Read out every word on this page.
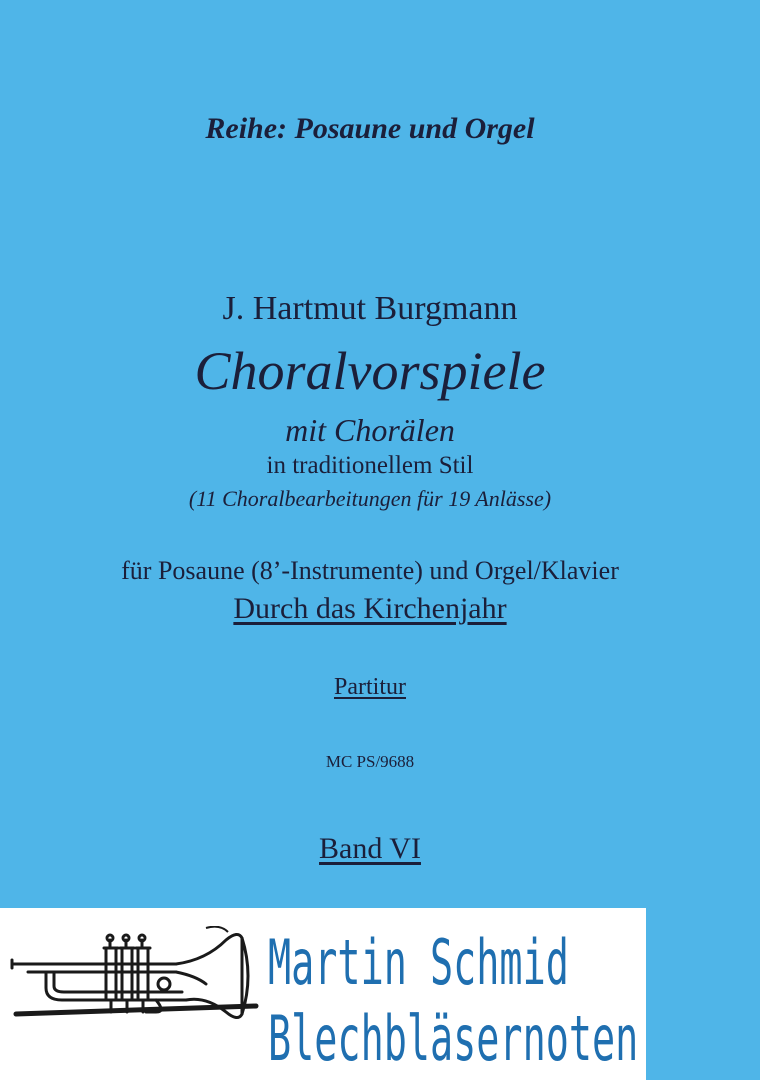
Reihe: Posaune und Orgel
J. Hartmut Burgmann
Choralvorspiele
mit Chorälen
in traditionellem Stil
(11 Choralbearbeitungen für 19 Anlässe)
für Posaune (8’-Instrumente) und Orgel/Klavier
Durch das Kirchenjahr
Partitur
MC PS/9688
Band VI
Martin Schmid
Blechbläsernoten
